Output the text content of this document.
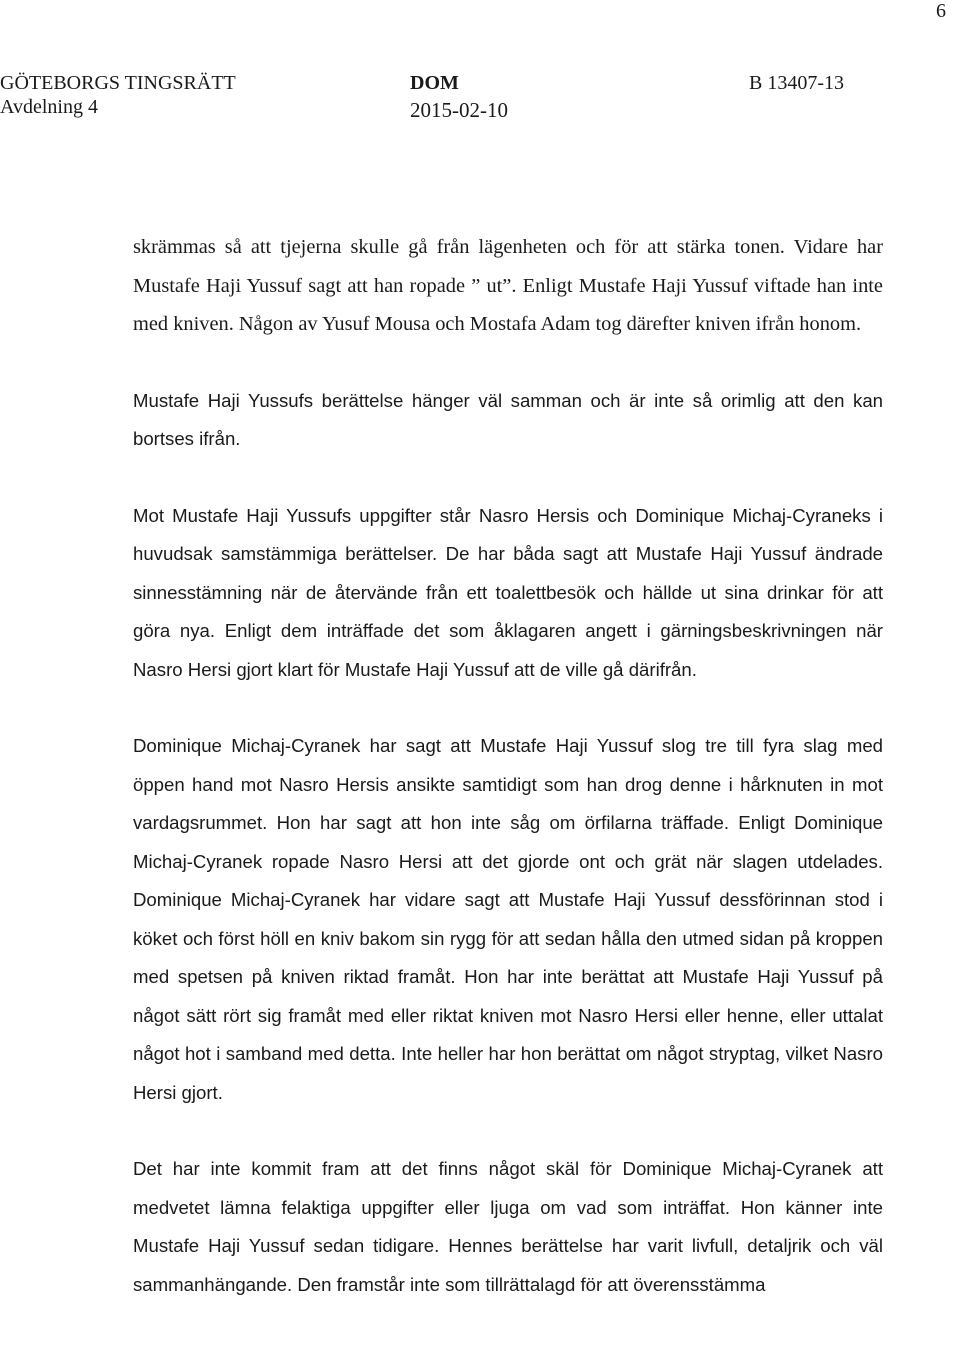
6
GÖTEBORGS TINGSRÄTT
Avdelning 4
DOM
2015-02-10
B 13407-13

skrämmas så att tjejerna skulle gå från lägenheten och för att stärka tonen. Vidare har Mustafe Haji Yussuf sagt att han ropade ” ut”. Enligt Mustafe Haji Yussuf viftade han inte med kniven. Någon av Yusuf Mousa och Mostafa Adam tog därefter kniven ifrån honom.

Mustafe Haji Yussufs berättelse hänger väl samman och är inte så orimlig att den kan bortses ifrån.

Mot Mustafe Haji Yussufs uppgifter står Nasro Hersis och Dominique Michaj-Cyraneks i huvudsak samstämmiga berättelser. De har båda sagt att Mustafe Haji Yussuf ändrade sinnesstämning när de återvände från ett toalettbesök och hällde ut sina drinkar för att göra nya. Enligt dem inträffade det som åklagaren angett i gärningsbeskrivningen när Nasro Hersi gjort klart för Mustafe Haji Yussuf att de ville gå därifrån.

Dominique Michaj-Cyranek har sagt att Mustafe Haji Yussuf slog tre till fyra slag med öppen hand mot Nasro Hersis ansikte samtidigt som han drog denne i hårknuten in mot vardagsrummet. Hon har sagt att hon inte såg om örfilarna träffade. Enligt Dominique Michaj-Cyranek ropade Nasro Hersi att det gjorde ont och grät när slagen utdelades. Dominique Michaj-Cyranek har vidare sagt att Mustafe Haji Yussuf dessförinnan stod i köket och först höll en kniv bakom sin rygg för att sedan hålla den utmed sidan på kroppen med spetsen på kniven riktad framåt. Hon har inte berättat att Mustafe Haji Yussuf på något sätt rört sig framåt med eller riktat kniven mot Nasro Hersi eller henne, eller uttalat något hot i samband med detta. Inte heller har hon berättat om något stryptag, vilket Nasro Hersi gjort.

Det har inte kommit fram att det finns något skäl för Dominique Michaj-Cyranek att medvetet lämna felaktiga uppgifter eller ljuga om vad som inträffat. Hon känner inte Mustafe Haji Yussuf sedan tidigare. Hennes berättelse har varit livfull, detaljrik och väl sammanhängande. Den framstår inte som tillrättalagd för att överensstämma
